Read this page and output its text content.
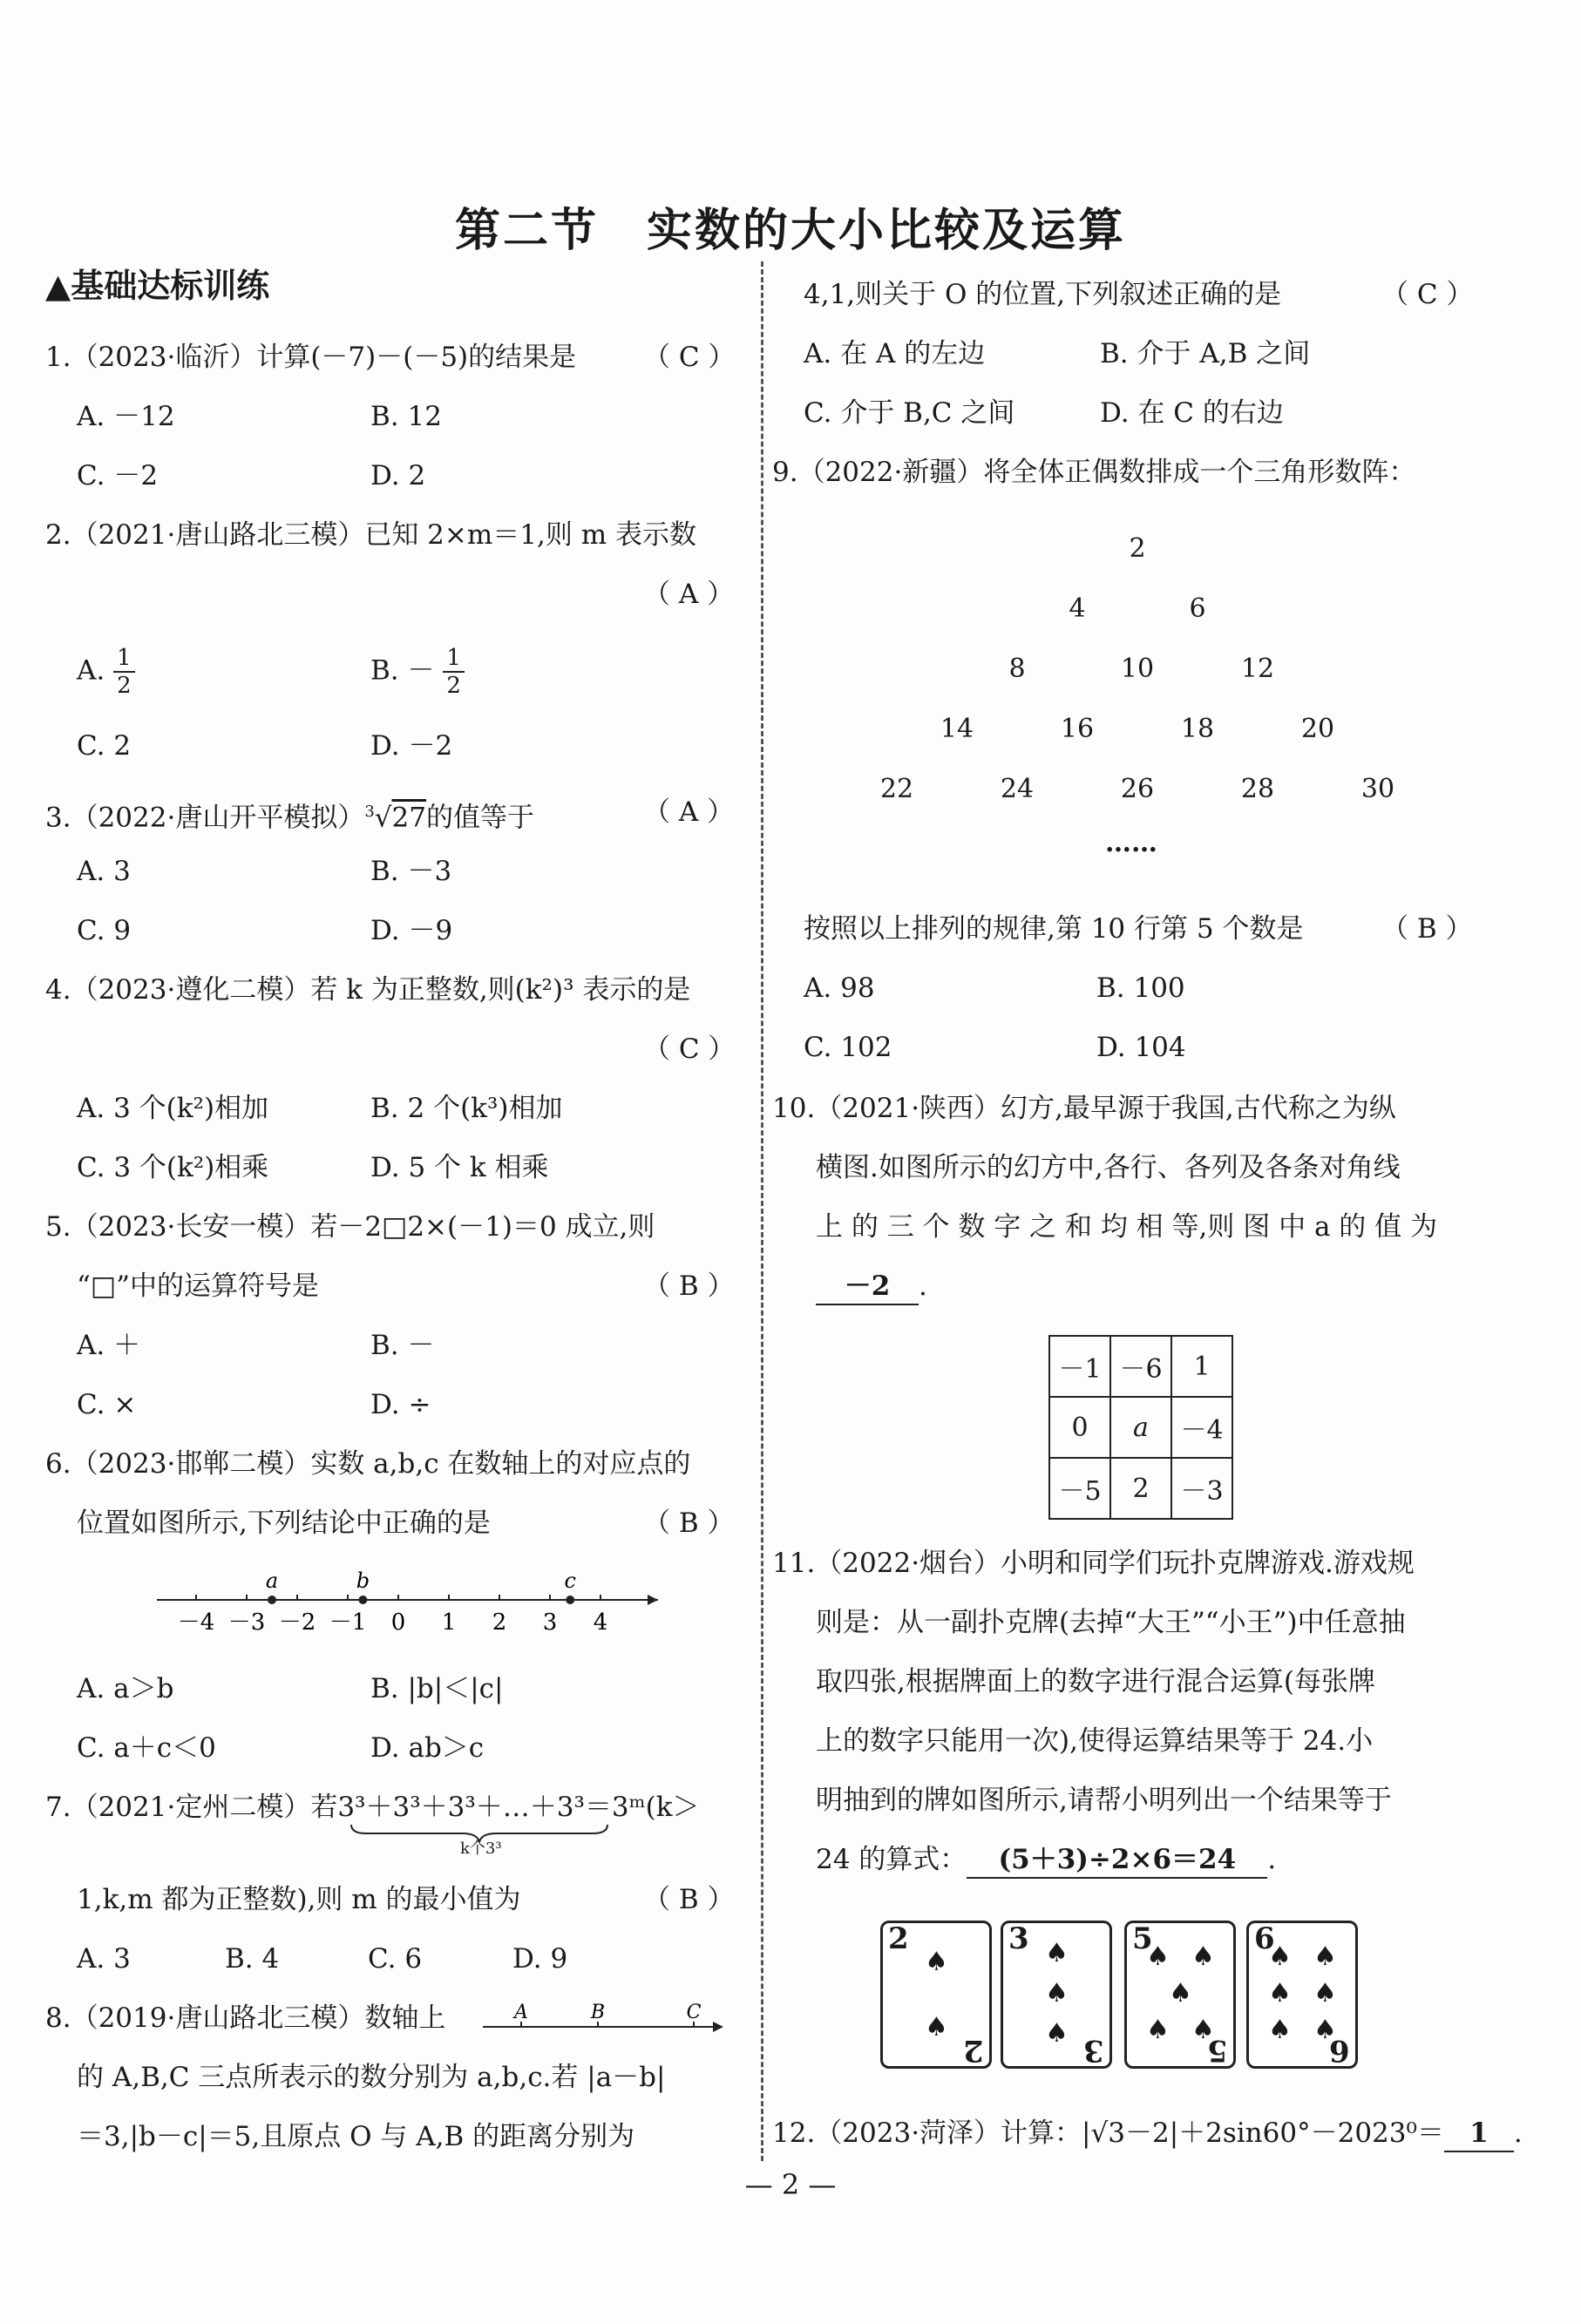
第二节　实数的大小比较及运算
▲基础达标训练
1.（2023·临沂）计算(－7)－(－5)的结果是 （ C ）
A. －12	B. 12
C. －2	D. 2
2.（2021·唐山路北三模）已知 2×m＝1,则 m 表示数
（ A ）
A. $\frac{1}{2}$	B. － $\frac{1}{2}$
C. 2	D. －2
3.（2022·唐山开平模拟）$^3$√27的值等于	（ A ）
A. 3	B. －3
C. 9	D. －9
4.（2023·遵化二模）若 k 为正整数,则(k²)³ 表示的是
（ C ）
A. 3 个(k²)相加	B. 2 个(k³)相加
C. 3 个(k²)相乘	D. 5 个 k 相乘
5.（2023·长安一模）若－2□2×(－1)＝0 成立,则
“□”中的运算符号是	（ B ）
A. ＋	B. －
C. ×	D. ÷
6.（2023·邯郸二模）实数 a,b,c 在数轴上的对应点的
位置如图所示,下列结论中正确的是	（ B ）
－4 －3 －2 －1 0 1 2 3 4
a	b	c
A. a＞b	B. |b|＜|c|
C. a＋c＜0	D. ab＞c
7.（2021·定州二模）若3³＋3³＋3³＋…＋3³＝3ᵐ(k＞
k个3³
1,k,m 都为正整数),则 m 的最小值为	（ B ）
A. 3	B. 4	C. 6	D. 9
8.（2019·唐山路北三模）数轴上	A	B	C
的 A,B,C 三点所表示的数分别为 a,b,c.若 |a－b|
＝3,|b－c|＝5,且原点 O 与 A,B 的距离分别为
4,1,则关于 O 的位置,下列叙述正确的是	（ C ）
A. 在 A 的左边	B. 介于 A,B 之间
C. 介于 B,C 之间	D. 在 C 的右边
9.（2022·新疆）将全体正偶数排成一个三角形数阵：
2
4	6
8	10	12
14	16	18	20
22	24	26	28	30
……
按照以上排列的规律,第 10 行第 5 个数是	（ B ）
A. 98	B. 100
C. 102	D. 104
10.（2021·陕西）幻方,最早源于我国,古代称之为纵
横图.如图所示的幻方中,各行、各列及各条对角线
上 的 三 个 数 字 之 和 均 相 等,则 图 中 a 的 值 为
－2 .
－1	－6	1
0	a	－4
－5	2	－3
11.（2022·烟台）小明和同学们玩扑克牌游戏.游戏规
则是：从一副扑克牌(去掉“大王”“小王”)中任意抽
取四张,根据牌面上的数字进行混合运算(每张牌
上的数字只能用一次),使得运算结果等于 24.小
明抽到的牌如图所示,请帮小明列出一个结果等于
24 的算式： (5＋3)÷2×6＝24 .
2
2
♠
♠
3
3
♠
♠
♠
5
5
♠ ♠
♠
♠ ♠
6
6
♠ ♠
♠ ♠
♠ ♠
12.（2023·菏泽）计算：|√3－2|＋2sin60°－2023⁰＝ 1 .
— 2 —
